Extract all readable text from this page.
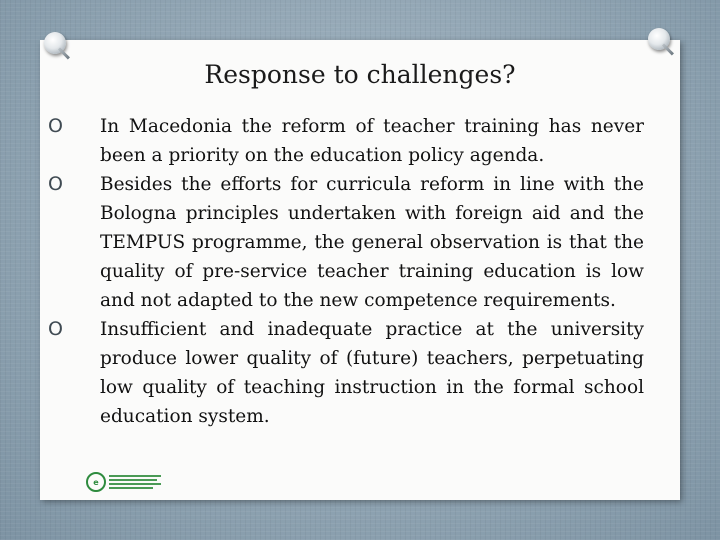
Response to challenges?
O	In Macedonia the reform of teacher training has never been a priority on the education policy agenda.
O	Besides the efforts for curricula reform in line with the Bologna principles undertaken with foreign aid and the TEMPUS programme, the general observation is that the quality of pre-service teacher training education is low and not adapted to the new competence requirements.
O	Insufficient and inadequate practice at the university produce lower quality of (future) teachers, perpetuating low quality of teaching instruction in the formal school education system.
e
